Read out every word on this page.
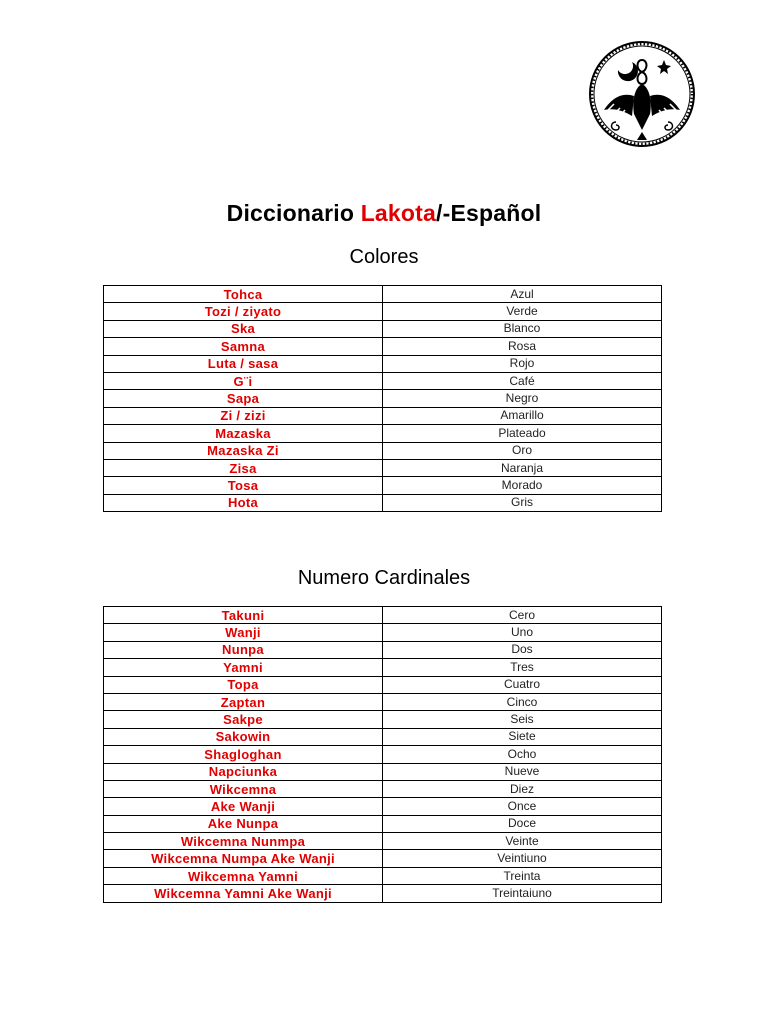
Diccionario Lakota/-Español
Colores
Tohca	Azul
Tozi / ziyato	Verde
Ska	Blanco
Samna	Rosa
Luta / sasa	Rojo
G¨i	Café
Sapa	Negro
Zi / zizi	Amarillo
Mazaska	Plateado
Mazaska Zi	Oro
Zisa	Naranja
Tosa	Morado
Hota	Gris
Numero Cardinales
Takuni	Cero
Wanji	Uno
Nunpa	Dos
Yamni	Tres
Topa	Cuatro
Zaptan	Cinco
Sakpe	Seis
Sakowin	Siete
Shagloghan	Ocho
Napciunka	Nueve
Wikcemna	Diez
Ake Wanji	Once
Ake Nunpa	Doce
Wikcemna Nunmpa	Veinte
Wikcemna Numpa Ake Wanji	Veintiuno
Wikcemna Yamni	Treinta
Wikcemna Yamni Ake Wanji	Treintaiuno
